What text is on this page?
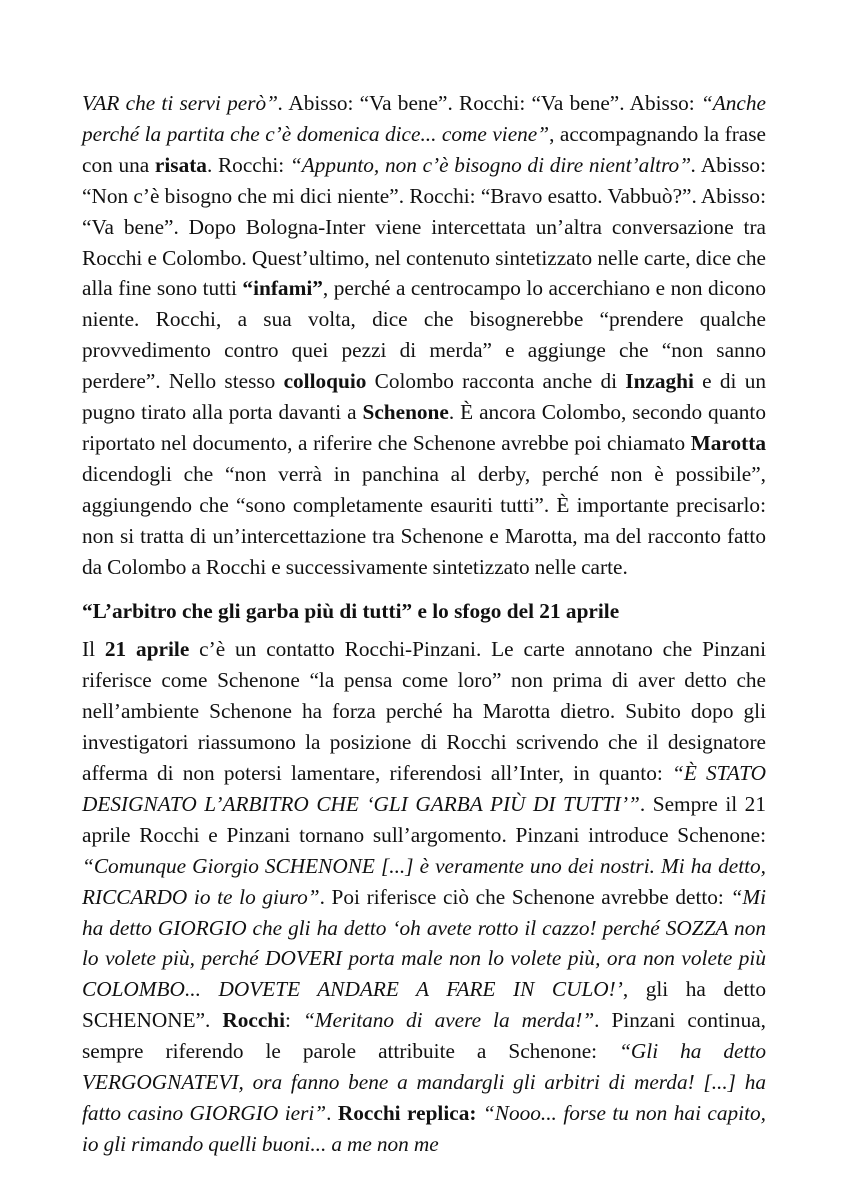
VAR che ti servi però”. Abisso: “Va bene”. Rocchi: “Va bene”. Abisso: “Anche perché la partita che c’è domenica dice... come viene”, accompagnando la frase con una risata. Rocchi: “Appunto, non c’è bisogno di dire nient’altro”. Abisso: “Non c’è bisogno che mi dici niente”. Rocchi: “Bravo esatto. Vabbuò?”. Abisso: “Va bene”. Dopo Bologna-Inter viene intercettata un’altra conversazione tra Rocchi e Colombo. Quest’ultimo, nel contenuto sintetizzato nelle carte, dice che alla fine sono tutti “infami”, perché a centrocampo lo accerchiano e non dicono niente. Rocchi, a sua volta, dice che bisognerebbe “prendere qualche provvedimento contro quei pezzi di merda” e aggiunge che “non sanno perdere”. Nello stesso colloquio Colombo racconta anche di Inzaghi e di un pugno tirato alla porta davanti a Schenone. È ancora Colombo, secondo quanto riportato nel documento, a riferire che Schenone avrebbe poi chiamato Marotta dicendogli che “non verrà in panchina al derby, perché non è possibile”, aggiungendo che “sono completamente esauriti tutti”. È importante precisarlo: non si tratta di un’intercettazione tra Schenone e Marotta, ma del racconto fatto da Colombo a Rocchi e successivamente sintetizzato nelle carte.

“L’arbitro che gli garba più di tutti” e lo sfogo del 21 aprile

Il 21 aprile c’è un contatto Rocchi-Pinzani. Le carte annotano che Pinzani riferisce come Schenone “la pensa come loro” non prima di aver detto che nell’ambiente Schenone ha forza perché ha Marotta dietro. Subito dopo gli investigatori riassumono la posizione di Rocchi scrivendo che il designatore afferma di non potersi lamentare, riferendosi all’Inter, in quanto: “È STATO DESIGNATO L’ARBITRO CHE ‘GLI GARBA PIÙ DI TUTTI’”. Sempre il 21 aprile Rocchi e Pinzani tornano sull’argomento. Pinzani introduce Schenone: “Comunque Giorgio SCHENONE [...] è veramente uno dei nostri. Mi ha detto, RICCARDO io te lo giuro”. Poi riferisce ciò che Schenone avrebbe detto: “Mi ha detto GIORGIO che gli ha detto ‘oh avete rotto il cazzo! perché SOZZA non lo volete più, perché DOVERI porta male non lo volete più, ora non volete più COLOMBO... DOVETE ANDARE A FARE IN CULO!’, gli ha detto SCHENONE”. Rocchi: “Meritano di avere la merda!”. Pinzani continua, sempre riferendo le parole attribuite a Schenone: “Gli ha detto VERGOGNATEVI, ora fanno bene a mandargli gli arbitri di merda! [...] ha fatto casino GIORGIO ieri”. Rocchi replica: “Nooo... forse tu non hai capito, io gli rimando quelli buoni... a me non me
